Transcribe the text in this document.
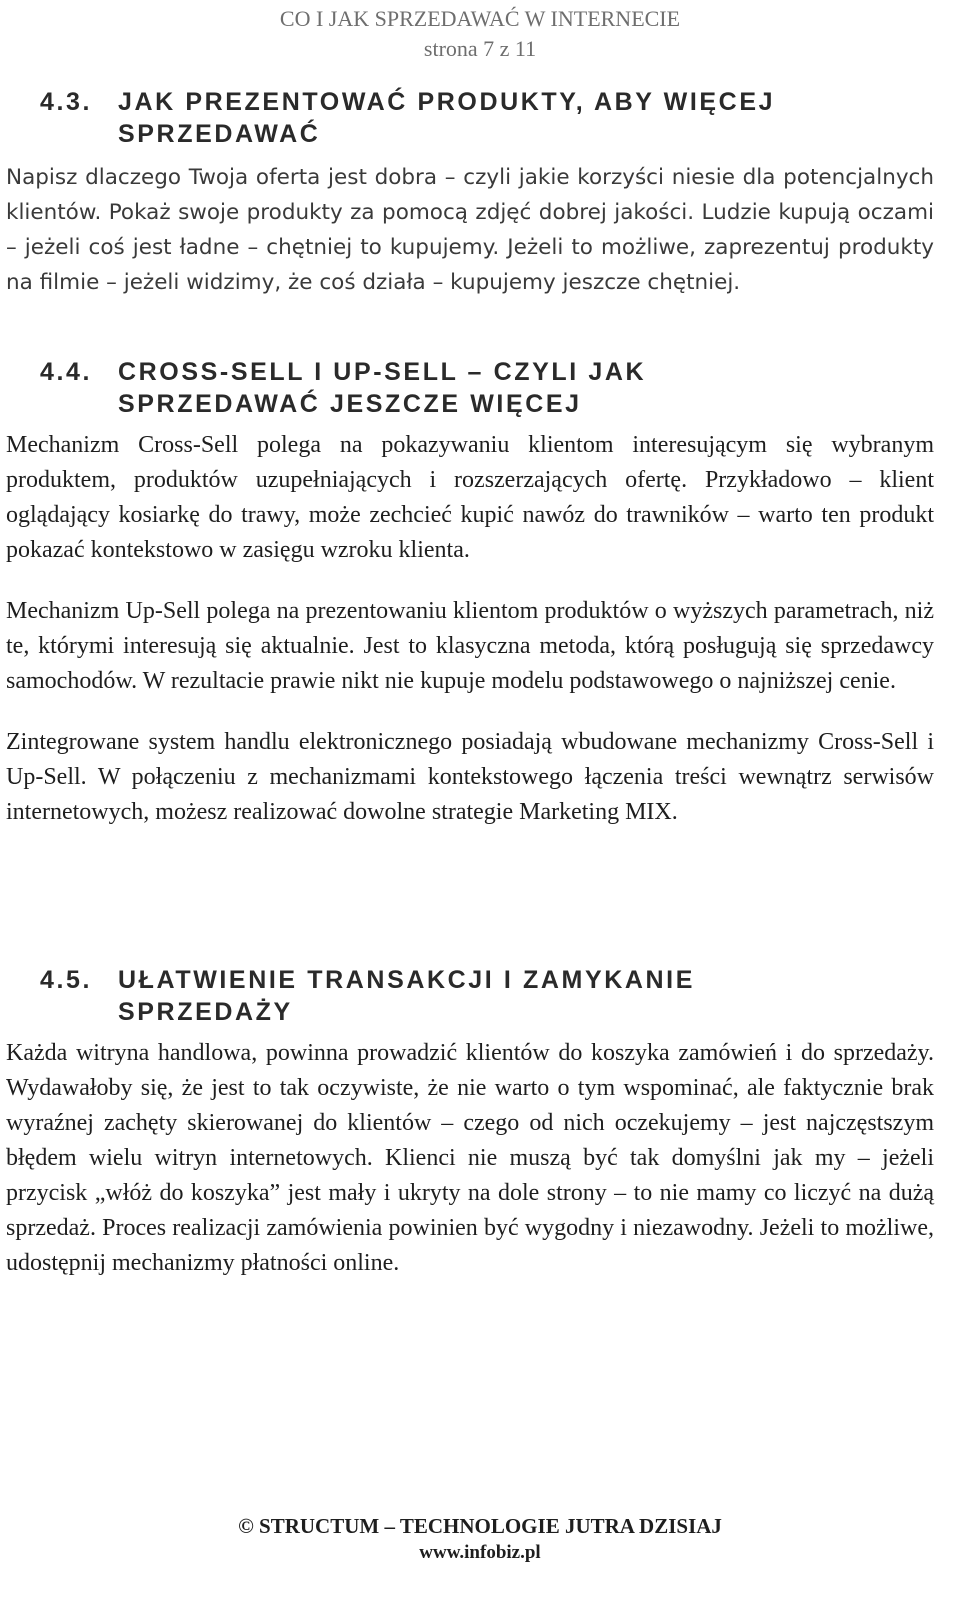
CO I JAK SPRZEDAWAĆ W INTERNECIE
strona 7 z 11
4.3. JAK PREZENTOWAĆ PRODUKTY, ABY WIĘCEJ
SPRZEDAWAĆ

Napisz dlaczego Twoja oferta jest dobra – czyli jakie korzyści niesie dla potencjalnych klientów. Pokaż swoje produkty za pomocą zdjęć dobrej jakości. Ludzie kupują oczami – jeżeli coś jest ładne – chętniej to kupujemy. Jeżeli to możliwe, zaprezentuj produkty na filmie – jeżeli widzimy, że coś działa – kupujemy jeszcze chętniej.

4.4. CROSS-SELL I UP-SELL – CZYLI JAK
SPRZEDAWAĆ JESZCZE WIĘCEJ

Mechanizm Cross-Sell polega na pokazywaniu klientom interesującym się wybranym produktem, produktów uzupełniających i rozszerzających ofertę. Przykładowo – klient oglądający kosiarkę do trawy, może zechcieć kupić nawóz do trawników – warto ten produkt pokazać kontekstowo w zasięgu wzroku klienta.

Mechanizm Up-Sell polega na prezentowaniu klientom produktów o wyższych parametrach, niż te, którymi interesują się aktualnie. Jest to klasyczna metoda, którą posługują się sprzedawcy samochodów. W rezultacie prawie nikt nie kupuje modelu podstawowego o najniższej cenie.

Zintegrowane system handlu elektronicznego posiadają wbudowane mechanizmy Cross-Sell i Up-Sell. W połączeniu z mechanizmami kontekstowego łączenia treści wewnątrz serwisów internetowych, możesz realizować dowolne strategie Marketing MIX.

4.5. UŁATWIENIE TRANSAKCJI I ZAMYKANIE
SPRZEDAŻY

Każda witryna handlowa, powinna prowadzić klientów do koszyka zamówień i do sprzedaży. Wydawałoby się, że jest to tak oczywiste, że nie warto o tym wspominać, ale faktycznie brak wyraźnej zachęty skierowanej do klientów – czego od nich oczekujemy – jest najczęstszym błędem wielu witryn internetowych. Klienci nie muszą być tak domyślni jak my – jeżeli przycisk „włóż do koszyka” jest mały i ukryty na dole strony – to nie mamy co liczyć na dużą sprzedaż. Proces realizacji zamówienia powinien być wygodny i niezawodny. Jeżeli to możliwe, udostępnij mechanizmy płatności online.

© STRUCTUM – TECHNOLOGIE JUTRA DZISIAJ
www.infobiz.pl
